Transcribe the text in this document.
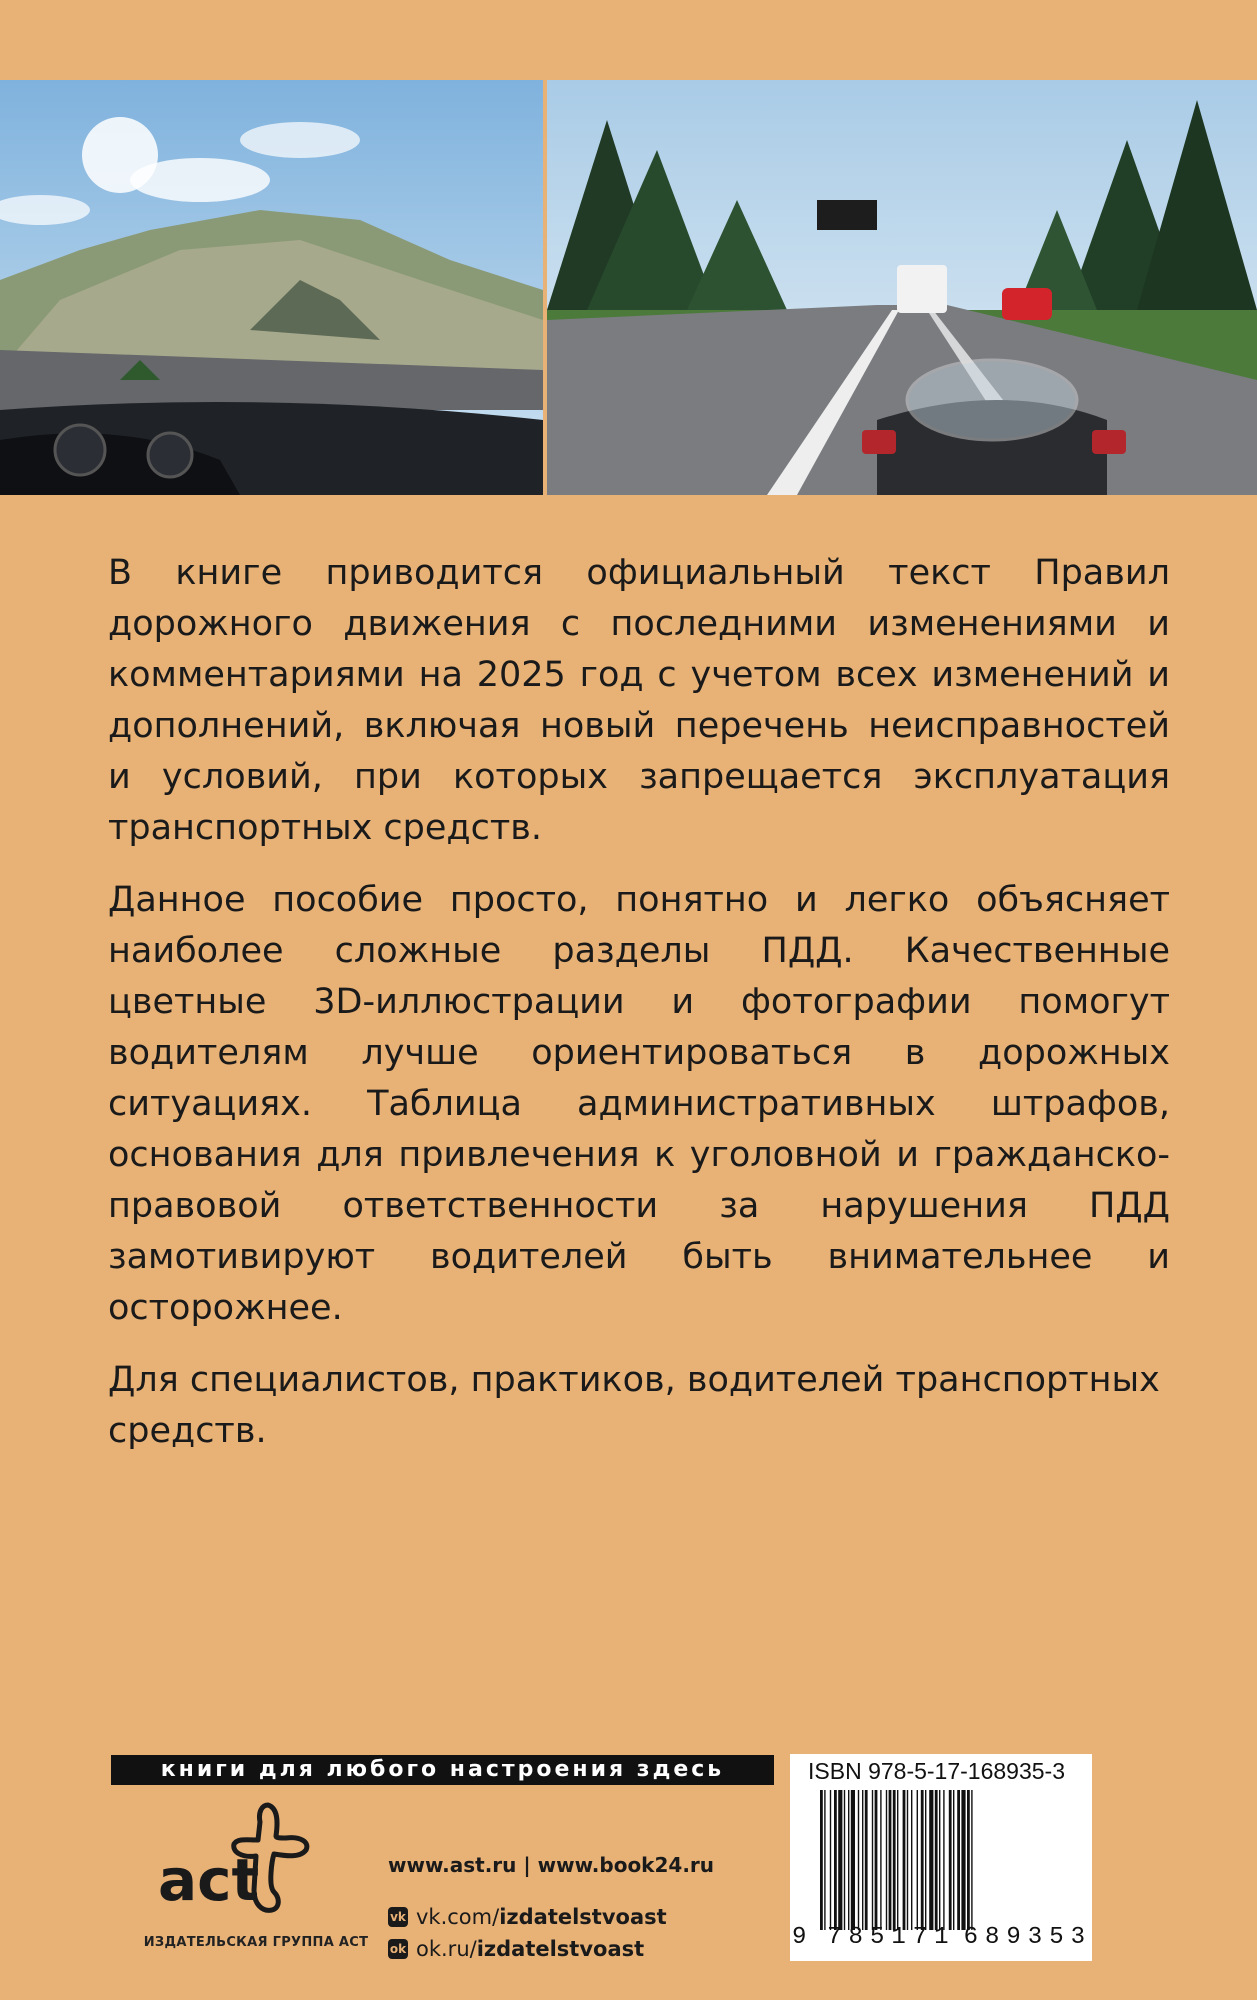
В книге приводится официальный текст Правил дорожного движения с последними изменениями и комментариями на 2025 год с учетом всех изменений и дополнений, включая новый перечень неисправностей и условий, при которых запрещается эксплуатация транспортных средств.

Данное пособие просто, понятно и легко объясняет наиболее сложные разделы ПДД. Качественные цветные 3D-иллюстрации и фотографии помогут водителям лучше ориентироваться в дорожных ситуациях. Таблица административных штрафов, основания для привлечения к уголовной и гражданско-правовой ответственности за нарушения ПДД замотивируют водителей быть внимательнее и осторожнее.

Для специалистов, практиков, водителей транспортных средств.

книги для любого настроения здесь
act
ИЗДАТЕЛЬСКАЯ ГРУППА АСТ
www.ast.ru | www.book24.ru
vk vk.com/ izdatelstvoast
ok ok.ru/ izdatelstvoast
ISBN 978-5-17-168935-3
9 785171 689353
